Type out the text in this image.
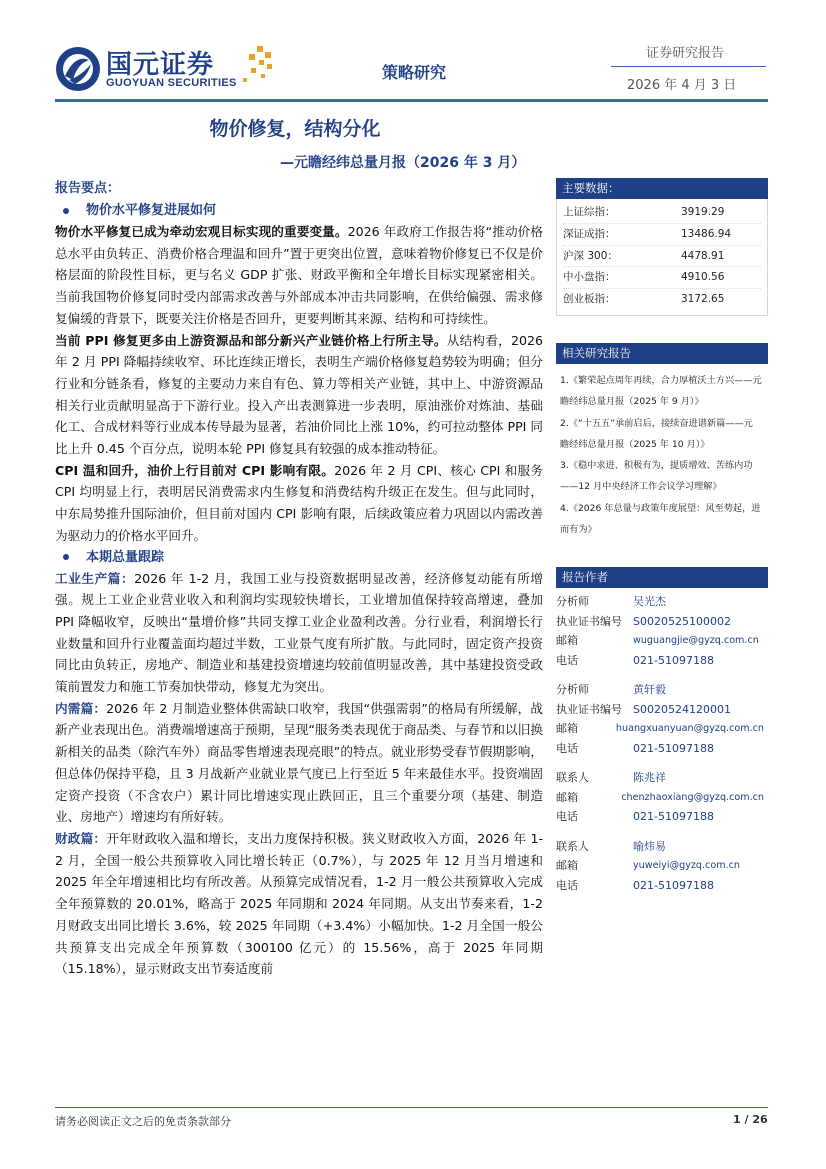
国元证券
GUOYUAN SECURITIES
策略研究
证券研究报告
2026 年 4 月 3 日
物价修复，结构分化
—元瞻经纬总量月报（2026 年 3 月）
报告要点：
物价水平修复进展如何

物价水平修复已成为牵动宏观目标实现的重要变量。2026 年政府工作报告将“推动价格总水平由负转正、消费价格合理温和回升”置于更突出位置，意味着物价修复已不仅是价格层面的阶段性目标，更与名义 GDP 扩张、财政平衡和全年增长目标实现紧密相关。当前我国物价修复同时受内部需求改善与外部成本冲击共同影响，在供给偏强、需求修复偏缓的背景下，既要关注价格是否回升，更要判断其来源、结构和可持续性。

当前 PPI 修复更多由上游资源品和部分新兴产业链价格上行所主导。从结构看，2026 年 2 月 PPI 降幅持续收窄、环比连续正增长，表明生产端价格修复趋势较为明确；但分行业和分链条看，修复的主要动力来自有色、算力等相关产业链，其中上、中游资源品相关行业贡献明显高于下游行业。投入产出表测算进一步表明，原油涨价对炼油、基础化工、合成材料等行业成本传导最为显著，若油价同比上涨 10%，约可拉动整体 PPI 同比上升 0.45 个百分点，说明本轮 PPI 修复具有较强的成本推动特征。

CPI 温和回升，油价上行目前对 CPI 影响有限。2026 年 2 月 CPI、核心 CPI 和服务 CPI 均明显上行，表明居民消费需求内生修复和消费结构升级正在发生。但与此同时，中东局势推升国际油价，但目前对国内 CPI 影响有限，后续政策应着力巩固以内需改善为驱动力的价格水平回升。

本期总量跟踪

工业生产篇：2026 年 1-2 月，我国工业与投资数据明显改善，经济修复动能有所增强。规上工业企业营业收入和利润均实现较快增长，工业增加值保持较高增速，叠加 PPI 降幅收窄，反映出“量增价修”共同支撑工业企业盈利改善。分行业看，利润增长行业数量和回升行业覆盖面均超过半数，工业景气度有所扩散。与此同时，固定资产投资同比由负转正，房地产、制造业和基建投资增速均较前值明显改善，其中基建投资受政策前置发力和施工节奏加快带动，修复尤为突出。

内需篇：2026 年 2 月制造业整体供需缺口收窄，我国“供强需弱”的格局有所缓解，战新产业表现出色。消费端增速高于预期，呈现“服务类表现优于商品类、与春节和以旧换新相关的品类（除汽车外）商品零售增速表现亮眼”的特点。就业形势受春节假期影响，但总体仍保持平稳，且 3 月战新产业就业景气度已上行至近 5 年来最佳水平。投资端固定资产投资（不含农户）累计同比增速实现止跌回正，且三个重要分项（基建、制造业、房地产）增速均有所好转。

财政篇：开年财政收入温和增长，支出力度保持积极。狭义财政收入方面，2026 年 1-2 月，全国一般公共预算收入同比增长转正（0.7%），与 2025 年 12 月当月增速和 2025 年全年增速相比均有所改善。从预算完成情况看，1-2 月一般公共预算收入完成全年预算数的 20.01%，略高于 2025 年同期和 2024 年同期。从支出节奏来看，1-2 月财政支出同比增长 3.6%，较 2025 年同期（+3.4%）小幅加快。1-2 月全国一般公共预算支出完成全年预算数（300100 亿元）的 15.56%，高于 2025 年同期（15.18%），显示财政支出节奏适度前

主要数据：
上证综指：	3919.29
深证成指：	13486.94
沪深 300：	4478.91
中小盘指：	4910.56
创业板指：	3172.65
相关研究报告
1.《繁荣起点周年再续，合力厚植沃土方兴——元瞻经纬总量月报（2025 年 9 月）》
2.《“十五五”承前启后，接续奋进谱新篇——元瞻经纬总量月报（2025 年 10 月）》
3.《稳中求进、积极有为，提质增效、苦练内功——12 月中央经济工作会议学习理解》
4.《2026 年总量与政策年度展望：风至势起，进而有为》
报告作者
分析师	吴光杰
执业证书编号	S0020525100002
邮箱	wuguangjie@gyzq.com.cn
电话	021-51097188
分析师	黄轩毅
执业证书编号	S0020524120001
邮箱	huangxuanyuan@gyzq.com.cn
电话	021-51097188
联系人	陈兆祥
邮箱	chenzhaoxiang@gyzq.com.cn
电话	021-51097188
联系人	喻炜易
邮箱	yuweiyi@gyzq.com.cn
电话	021-51097188
请务必阅读正文之后的免责条款部分	1 / 26
